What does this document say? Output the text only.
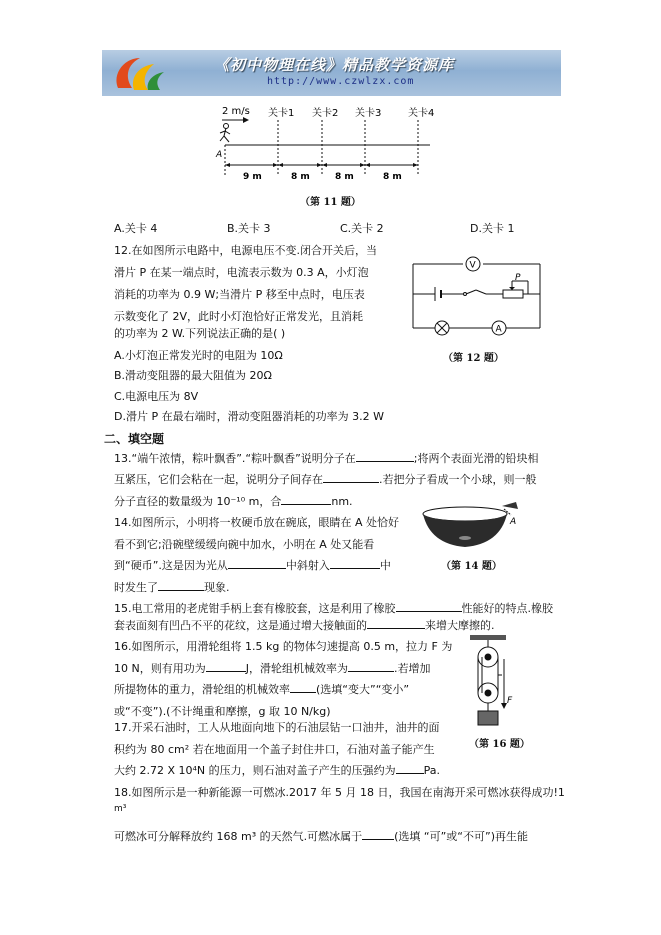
《初中物理在线》精品教学资源库
http://www.czwlzx.com
2 m/s
A
关卡1 关卡2 关卡3	关卡4
9 m	8 m	8 m	8 m
（第 11 题）
A.关卡 4	B.关卡 3	C.关卡 2	D.关卡 1
12.在如图所示电路中，电源电压不变.闭合开关后，当
滑片 P 在某一端点时，电流表示数为 0.3 A，小灯泡
消耗的功率为 0.9 W;当滑片 P 移至中点时，电压表
示数变化了 2V，此时小灯泡恰好正常发光，且消耗
的功率为 2 W.下列说法正确的是( )
A.小灯泡正常发光时的电阻为 10Ω
B.滑动变阻器的最大阻值为 20Ω
C.电源电压为 8V
D.滑片 P 在最右端时，滑动变阻器消耗的功率为 3.2 W
V
P
A
（第 12 题）
二、填空题
13.“端午浓情，粽叶飘香”.“粽叶飘香”说明分子在	;将两个表面光滑的铅块相
互紧压，它们会粘在一起，说明分子间存在	.若把分子看成一个小球，则一般
分子直径的数量级为 10⁻¹⁰ m，合	nm.
14.如图所示，小明将一枚硬币放在碗底，眼睛在 A 处恰好
看不到它;沿碗壁缓缓向碗中加水，小明在 A 处又能看
到“硬币”.这是因为光从	中斜射入	中
时发生了	现象.
A
（第 14 题）
15.电工常用的老虎钳手柄上套有橡胶套，这是利用了橡胶	性能好的特点.橡胶
套表面刻有凹凸不平的花纹，这是通过增大接触面的	来增大摩擦的.
16.如图所示，用滑轮组将 1.5 kg 的物体匀速提高 0.5 m，拉力 F 为
10 N，则有用功为	J，滑轮组机械效率为	.若增加
所提物体的重力，滑轮组的机械效率 (选填“变大”“变小”
或“不变”).(不计绳重和摩擦，g 取 10 N/kg)
F
（第 16 题）
17.开采石油时，工人从地面向地下的石油层钻一口油井，油井的面
积约为 80 cm² 若在地面用一个盖子封住井口，石油对盖子能产生
大约 2.72 X 10⁴N 的压力，则石油对盖子产生的压强约为	Pa.
18.如图所示是一种新能源一可燃冰.2017 年 5 月 18 日，我国在南海开采可燃冰获得成功!1
m³
可燃冰可分解释放约 168 m³ 的天然气.可燃冰属于	(选填 “可”或“不可”)再生能
